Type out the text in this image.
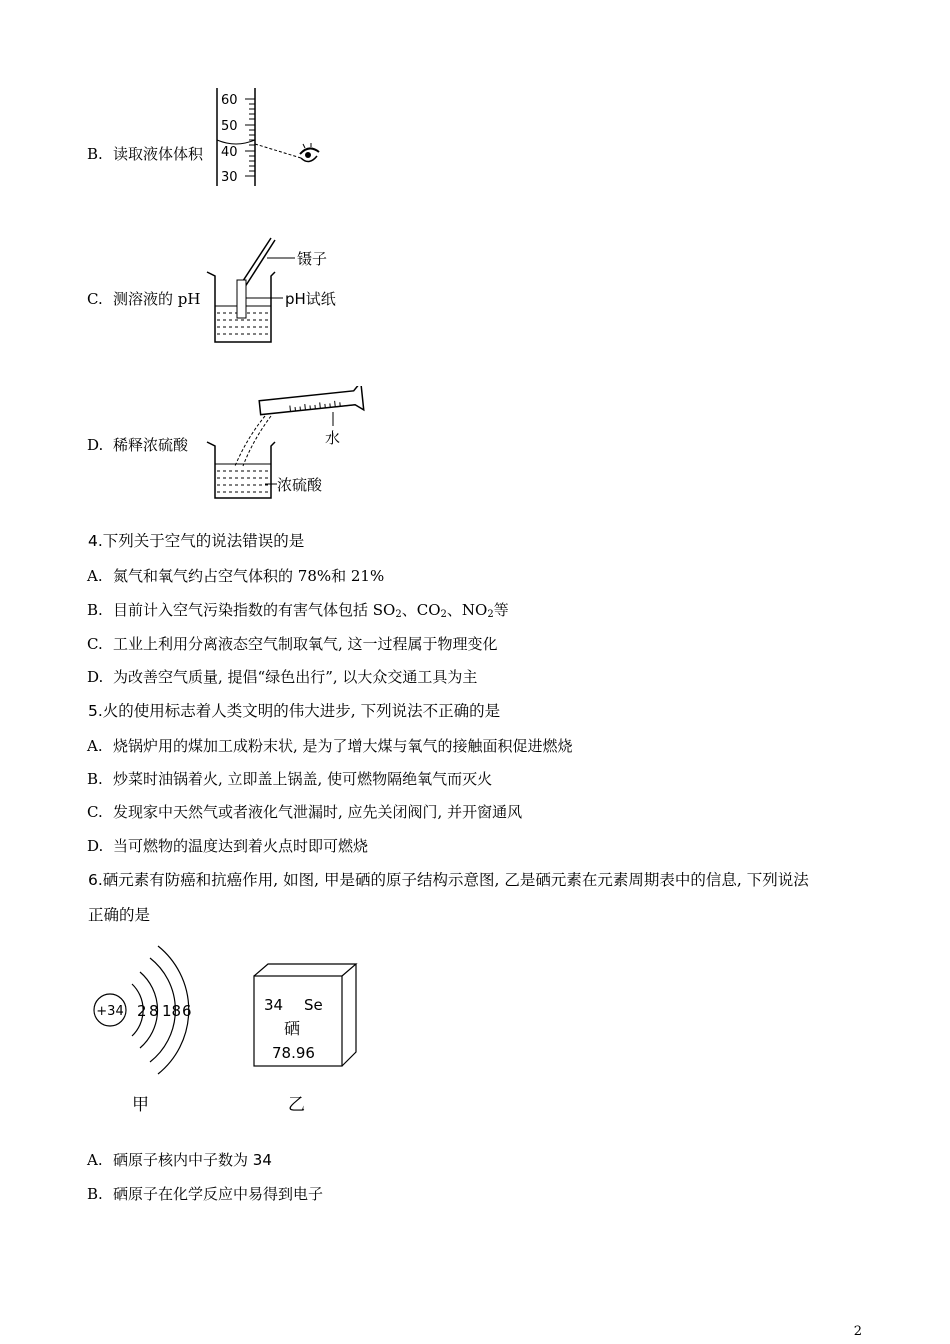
B. 读取液体体积
60
50
40
30
C. 测溶液的 pH
镊子
pH试纸
D. 稀释浓硫酸	水
浓硫酸
4.下列关于空气的说法错误的是
A. 氮气和氧气约占空气体积的 78%和 21%
B. 目前计入空气污染指数的有害气体包括 $SO_2$、$CO_2$、$NO_2$等
C. 工业上利用分离液态空气制取氧气, 这一过程属于物理变化
D. 为改善空气质量, 提倡“绿色出行”, 以大众交通工具为主
5.火的使用标志着人类文明的伟大进步, 下列说法不正确的是
A. 烧锅炉用的煤加工成粉末状, 是为了增大煤与氧气的接触面积促进燃烧
B. 炒菜时油锅着火, 立即盖上锅盖, 使可燃物隔绝氧气而灭火
C. 发现家中天然气或者液化气泄漏时, 应先关闭阀门, 并开窗通风
D. 当可燃物的温度达到着火点时即可燃烧
6.硒元素有防癌和抗癌作用, 如图, 甲是硒的原子结构示意图, 乙是硒元素在元素周期表中的信息, 下列说法
正确的是
+34 2 8 18 6
甲
34 Se
硒
78.96
乙
A. 硒原子核内中子数为 34
B. 硒原子在化学反应中易得到电子
2
